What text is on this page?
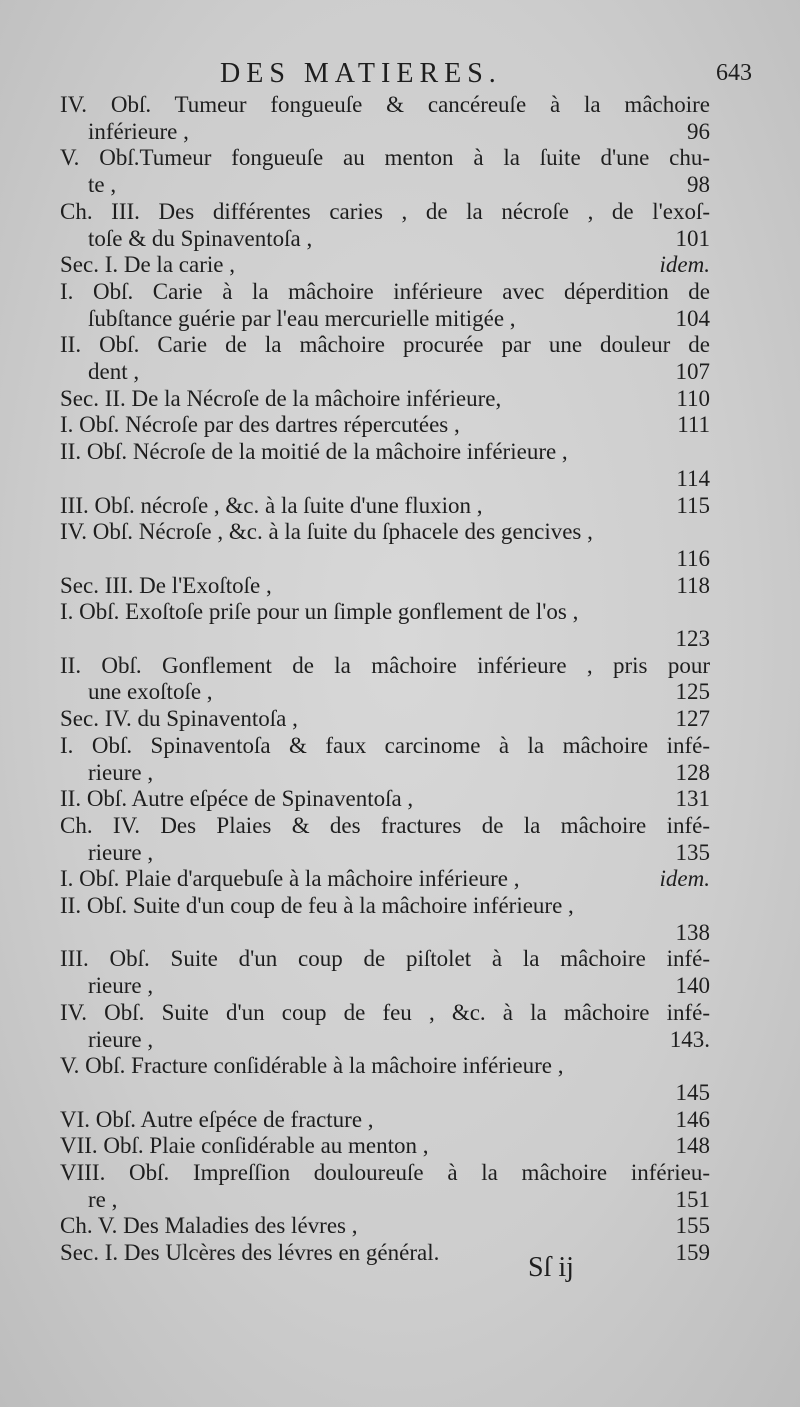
DES MATIERES.	643
IV. Obſ. Tumeur fongueuſe & cancéreuſe à la mâchoire
inférieure ,	96
V. Obſ.Tumeur fongueuſe au menton à la ſuite d'une chu-
te ,	98
Ch. III. Des différentes caries , de la nécroſe , de l'exoſ-
toſe & du Spinaventoſa ,	101
Sec. I. De la carie ,	idem.
I. Obſ. Carie à la mâchoire inférieure avec déperdition de
ſubſtance guérie par l'eau mercurielle mitigée ,	104
II. Obſ. Carie de la mâchoire procurée par une douleur de
dent ,	107
Sec. II. De la Nécroſe de la mâchoire inférieure,	110
I. Obſ. Nécroſe par des dartres répercutées ,	111
II. Obſ. Nécroſe de la moitié de la mâchoire inférieure ,
114
III. Obſ. nécroſe , &c. à la ſuite d'une fluxion ,	115
IV. Obſ. Nécroſe , &c. à la ſuite du ſphacele des gencives ,
116
Sec. III. De l'Exoſtoſe ,	118
I. Obſ. Exoſtoſe priſe pour un ſimple gonflement de l'os ,
123
II. Obſ. Gonflement de la mâchoire inférieure , pris pour
une exoſtoſe ,	125
Sec. IV. du Spinaventoſa ,	127
I. Obſ. Spinaventoſa & faux carcinome à la mâchoire infé-
rieure ,	128
II. Obſ. Autre eſpéce de Spinaventoſa ,	131
Ch. IV. Des Plaies & des fractures de la mâchoire infé-
rieure ,	135
I. Obſ. Plaie d'arquebuſe à la mâchoire inférieure ,	idem.
II. Obſ. Suite d'un coup de feu à la mâchoire inférieure ,
138
III. Obſ. Suite d'un coup de piſtolet à la mâchoire infé-
rieure ,	140
IV. Obſ. Suite d'un coup de feu , &c. à la mâchoire infé-
rieure ,	143.
V. Obſ. Fracture conſidérable à la mâchoire inférieure ,
145
VI. Obſ. Autre eſpéce de fracture ,	146
VII. Obſ. Plaie conſidérable au menton ,	148
VIII. Obſ. Impreſſion douloureuſe à la mâchoire inférieu-
re ,	151
Ch. V. Des Maladies des lévres ,	155
Sec. I. Des Ulcères des lévres en général.	159
Sſ ij
